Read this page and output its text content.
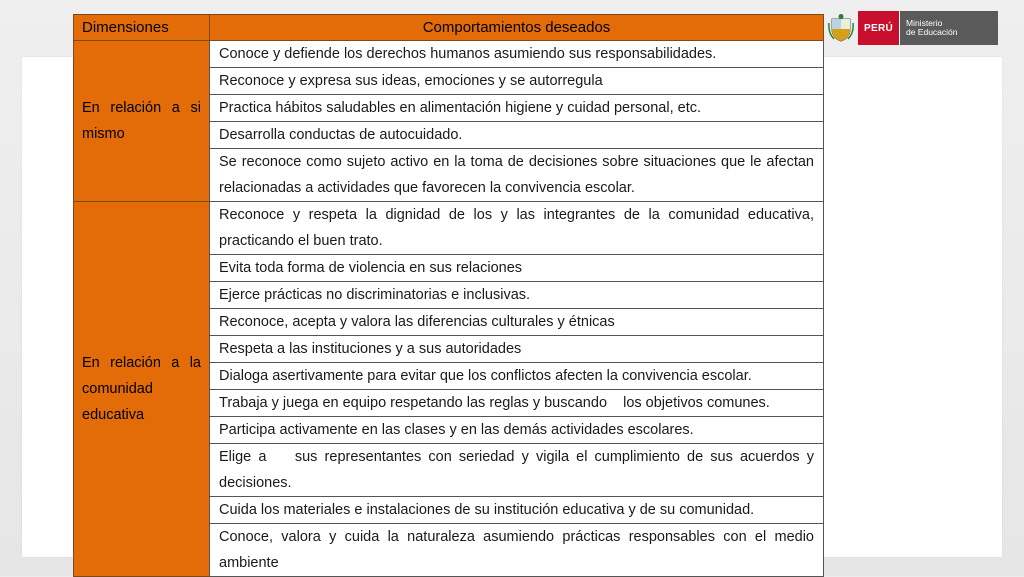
PERÚ	Ministerio
de Educación
Dimensiones	Comportamientos deseados
En relación a si mismo	Conoce y defiende los derechos humanos asumiendo sus responsabilidades.
	Reconoce y expresa sus ideas, emociones y se autorregula
	Practica hábitos saludables en alimentación higiene y cuidad personal, etc.
	Desarrolla conductas de autocuidado.
	Se reconoce como sujeto activo en la toma de decisiones sobre situaciones que le afectan relacionadas a actividades que favorecen la convivencia escolar.
En relación a la comunidad educativa	Reconoce y respeta la dignidad de los y las integrantes de la comunidad educativa, practicando el buen trato.
	Evita toda forma de violencia en sus relaciones
	Ejerce prácticas no discriminatorias e inclusivas.
	Reconoce, acepta y valora las diferencias culturales y étnicas
	Respeta a las instituciones y a sus autoridades
	Dialoga asertivamente para evitar que los conflictos afecten la convivencia escolar.
	Trabaja y juega en equipo respetando las reglas y buscando    los objetivos comunes.
	Participa activamente en las clases y en las demás actividades escolares.
	Elige a    sus representantes con seriedad y vigila el cumplimiento de sus acuerdos y decisiones.
	Cuida los materiales e instalaciones de su institución educativa y de su comunidad.
	Conoce, valora y cuida la naturaleza asumiendo prácticas responsables con el medio ambiente
